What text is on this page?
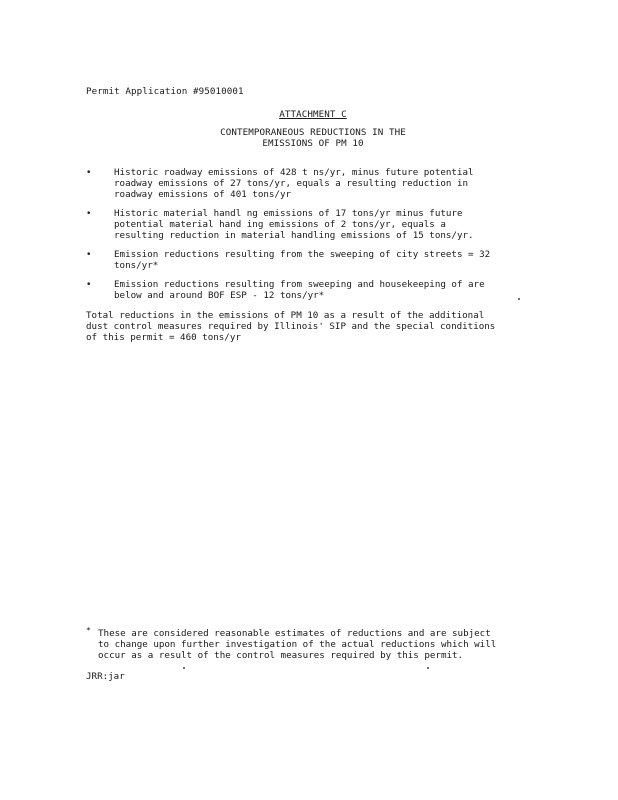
Permit Application #95010001
ATTACHMENT C
CONTEMPORANEOUS REDUCTIONS IN THE
EMISSIONS OF PM 10
• Historic roadway emissions of 428 t ns/yr, minus future potential
roadway emissions of 27 tons/yr, equals a resulting reduction in
roadway emissions of 401 tons/yr
• Historic material handl ng emissions of 17 tons/yr minus future
potential material hand ing emissions of 2 tons/yr, equals a
resulting reduction in material handling emissions of 15 tons/yr.
• Emission reductions resulting from the sweeping of city streets = 32
tons/yr*
• Emission reductions resulting from sweeping and housekeeping of are
below and around BOF ESP - 12 tons/yr*
Total reductions in the emissions of PM 10 as a result of the additional
dust control measures required by Illinois' SIP and the special conditions
of this permit = 460 tons/yr
* These are considered reasonable estimates of reductions and are subject
to change upon further investigation of the actual reductions which will
occur as a result of the control measures required by this permit.
JRR:jar
